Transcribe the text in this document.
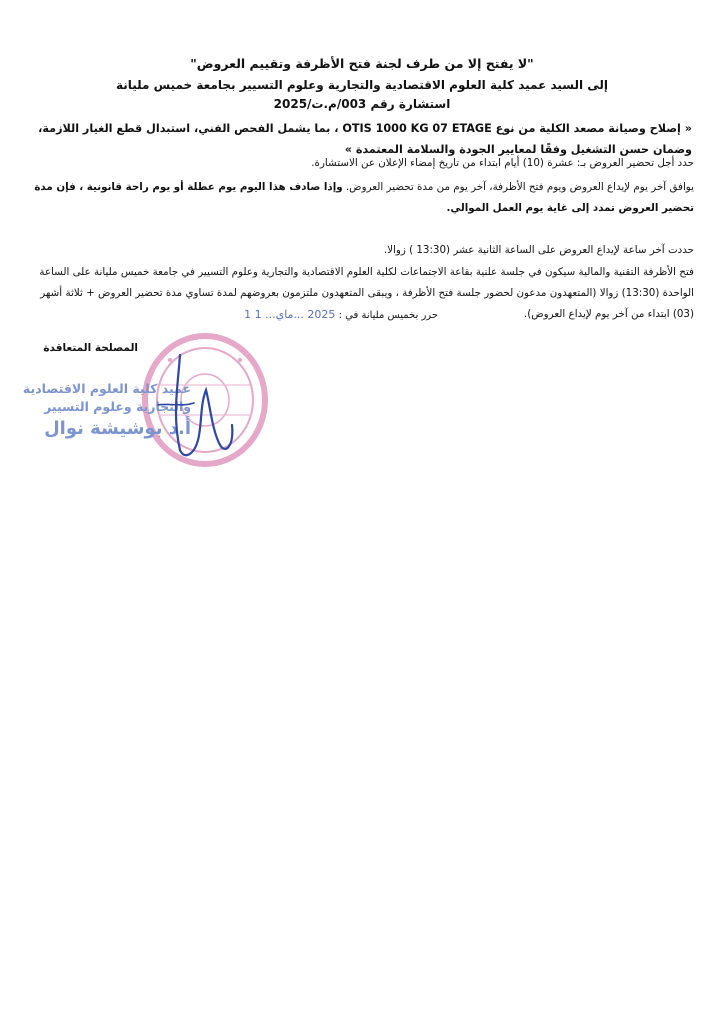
"لا يفتح إلا من طرف لجنة فتح الأظرفة وتقييم العروض"
إلى السيد عميد كلية العلوم الاقتصادية والتجارية وعلوم التسيير بجامعة خميس مليانة
استشارة رقم 003/م.ت/2025
« إصلاح وصيانة مصعد الكلية من نوع OTIS 1000 KG 07 ETAGE ، بما يشمل الفحص الفني، استبدال قطع الغيار اللازمة، وضمان حسن التشغيل وفقًا لمعايير الجودة والسلامة المعتمدة »
حدد أجل تحضير العروض بـ: عشرة (10) أيام ابتداء من تاريخ إمضاء الإعلان عن الاستشارة.
يوافق آخر يوم لإيداع العروض ويوم فتح الأظرفة، آخر يوم من مدة تحضير العروض. وإذا صادف هذا اليوم يوم عطلة أو يوم راحة قانونية ، فإن مدة تحضير العروض تمدد إلى غاية يوم العمل الموالي.
حددت آخر ساعة لإيداع العروض على الساعة الثانية عشر (13:30 ) زوالا.
فتح الأظرفة التقنية والمالية سيكون في جلسة علنية بقاعة الاجتماعات لكلية العلوم الاقتصادية والتجارية وعلوم التسيير في جامعة خميس مليانة على الساعة الواحدة (13:30) زوالا (المتعهدون مدعون لحضور جلسة فتح الأظرفة ، ويبقى المتعهدون ملتزمون بعروضهم لمدة تساوي مدة تحضير العروض + ثلاثة أشهر (03) ابتداء من آخر يوم لإيداع العروض).
حرر بخميس مليانة في : 2025 ...ماي... 1 1
المصلحة المتعاقدة
عميد كلية العلوم الاقتصادية
والتجارية وعلوم التسيير
أ.د بوشيشة نوال
